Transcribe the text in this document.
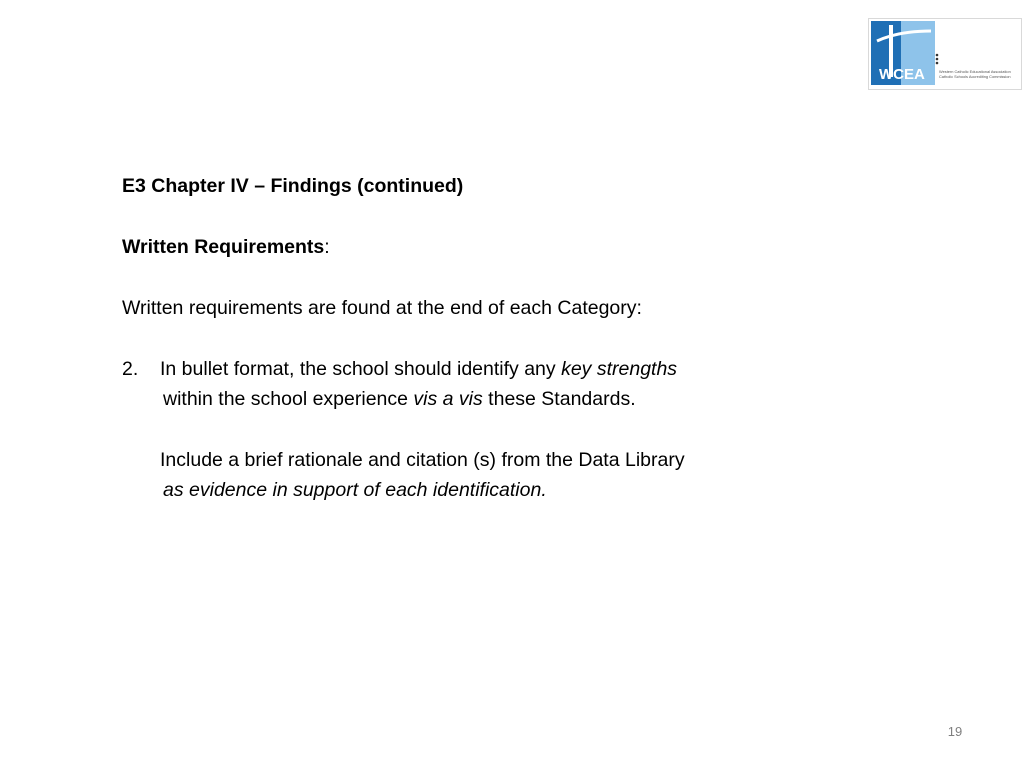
WCEA	Western Catholic Educational Association
Catholic Schools Accrediting Commission
E3 Chapter IV – Findings (continued)
Written Requirements:
Written requirements are found at the end of each Category:
2. In bullet format, the school should identify any key strengths
within the school experience vis a vis these Standards.
Include a brief rationale and citation (s) from the Data Library
as evidence in support of each identification.
19
